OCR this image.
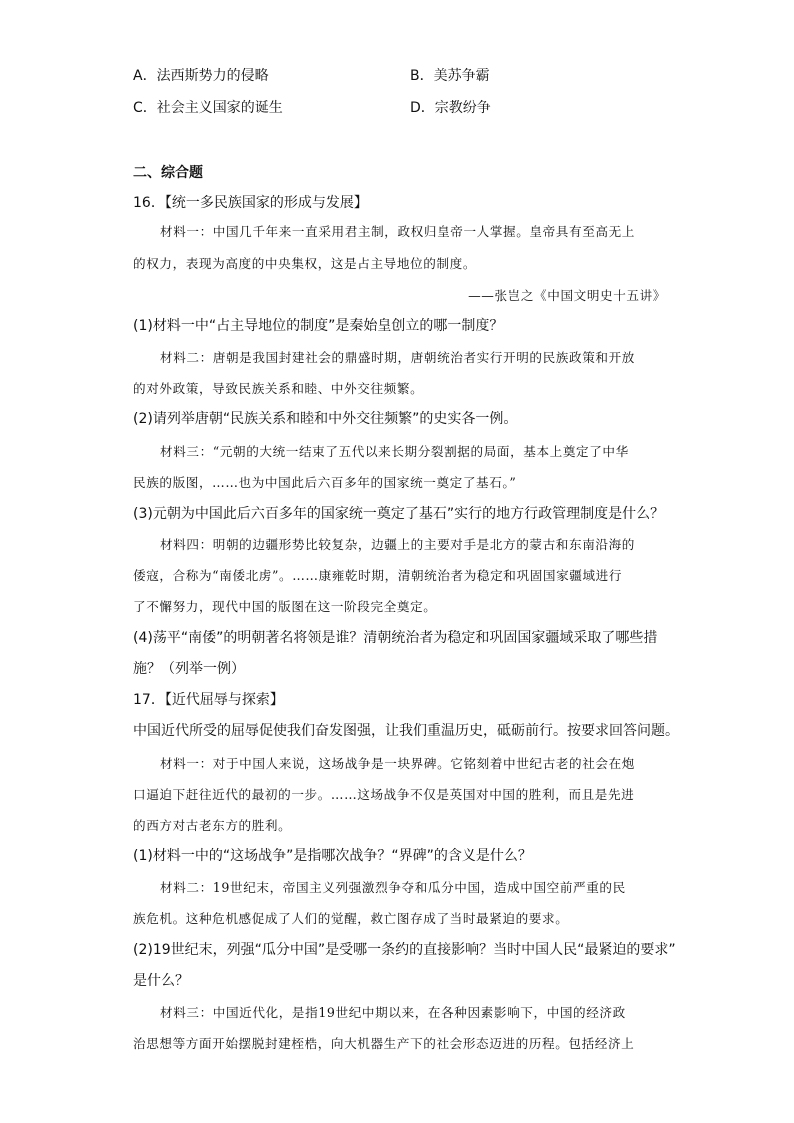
A．法西斯势力的侵略	B．美苏争霸
C．社会主义国家的诞生	D．宗教纷争
二、综合题
16．【统一多民族国家的形成与发展】
材料一：中国几千年来一直采用君主制，政权归皇帝一人掌握。皇帝具有至高无上
的权力，表现为高度的中央集权，这是占主导地位的制度。
——张岂之《中国文明史十五讲》
(1)材料一中“占主导地位的制度”是秦始皇创立的哪一制度？
材料二：唐朝是我国封建社会的鼎盛时期，唐朝统治者实行开明的民族政策和开放
的对外政策，导致民族关系和睦、中外交往频繁。
(2)请列举唐朝“民族关系和睦和中外交往频繁”的史实各一例。
材料三：“元朝的大统一结束了五代以来长期分裂割据的局面，基本上奠定了中华
民族的版图，……也为中国此后六百多年的国家统一奠定了基石。”
(3)元朝为中国此后六百多年的国家统一奠定了基石”实行的地方行政管理制度是什么？
材料四：明朝的边疆形势比较复杂，边疆上的主要对手是北方的蒙古和东南沿海的
倭寇，合称为“南倭北虏”。……康雍乾时期，清朝统治者为稳定和巩固国家疆域进行
了不懈努力，现代中国的版图在这一阶段完全奠定。
(4)荡平“南倭”的明朝著名将领是谁？清朝统治者为稳定和巩固国家疆域采取了哪些措
施？（列举一例）
17．【近代屈辱与探索】
中国近代所受的屈辱促使我们奋发图强，让我们重温历史，砥砺前行。按要求回答问题。
材料一：对于中国人来说，这场战争是一块界碑。它铭刻着中世纪古老的社会在炮
口逼迫下赶往近代的最初的一步。……这场战争不仅是英国对中国的胜利，而且是先进
的西方对古老东方的胜利。
(1)材料一中的“这场战争”是指哪次战争？“界碑”的含义是什么？
材料二：19世纪末，帝国主义列强激烈争夺和瓜分中国，造成中国空前严重的民
族危机。这种危机感促成了人们的觉醒，救亡图存成了当时最紧迫的要求。
(2)19世纪末，列强“瓜分中国”是受哪一条约的直接影响？当时中国人民“最紧迫的要求”
是什么？
材料三：中国近代化，是指19世纪中期以来，在各种因素影响下，中国的经济政
治思想等方面开始摆脱封建桎梏，向大机器生产下的社会形态迈进的历程。包括经济上
